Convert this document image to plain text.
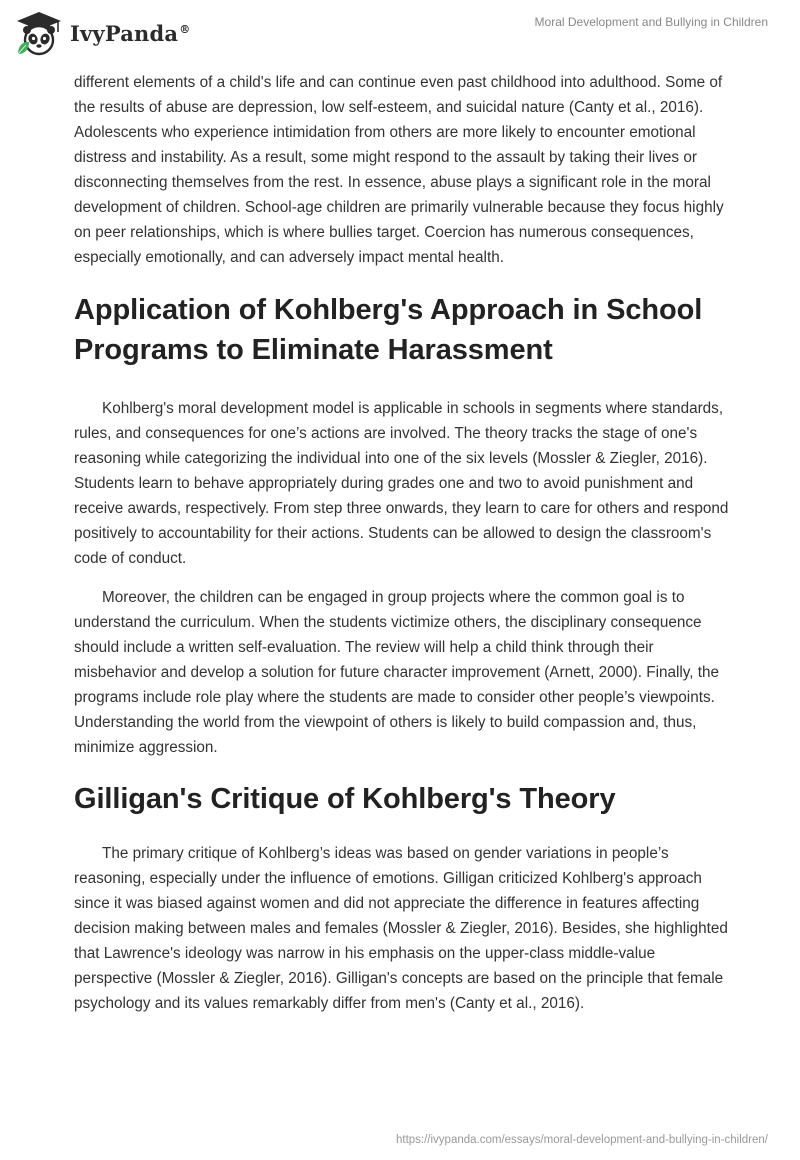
IvyPanda®	Moral Development and Bullying in Children

different elements of a child's life and can continue even past childhood into adulthood. Some of the results of abuse are depression, low self-esteem, and suicidal nature (Canty et al., 2016). Adolescents who experience intimidation from others are more likely to encounter emotional distress and instability. As a result, some might respond to the assault by taking their lives or disconnecting themselves from the rest. In essence, abuse plays a significant role in the moral development of children. School-age children are primarily vulnerable because they focus highly on peer relationships, which is where bullies target. Coercion has numerous consequences, especially emotionally, and can adversely impact mental health.

Application of Kohlberg's Approach in School Programs to Eliminate Harassment

Kohlberg's moral development model is applicable in schools in segments where standards, rules, and consequences for one’s actions are involved. The theory tracks the stage of one's reasoning while categorizing the individual into one of the six levels (Mossler & Ziegler, 2016). Students learn to behave appropriately during grades one and two to avoid punishment and receive awards, respectively. From step three onwards, they learn to care for others and respond positively to accountability for their actions. Students can be allowed to design the classroom's code of conduct.

Moreover, the children can be engaged in group projects where the common goal is to understand the curriculum. When the students victimize others, the disciplinary consequence should include a written self-evaluation. The review will help a child think through their misbehavior and develop a solution for future character improvement (Arnett, 2000). Finally, the programs include role play where the students are made to consider other people’s viewpoints. Understanding the world from the viewpoint of others is likely to build compassion and, thus, minimize aggression.

Gilligan's Critique of Kohlberg's Theory

The primary critique of Kohlberg’s ideas was based on gender variations in people’s reasoning, especially under the influence of emotions. Gilligan criticized Kohlberg's approach since it was biased against women and did not appreciate the difference in features affecting decision making between males and females (Mossler & Ziegler, 2016). Besides, she highlighted that Lawrence's ideology was narrow in his emphasis on the upper-class middle-value perspective (Mossler & Ziegler, 2016). Gilligan's concepts are based on the principle that female psychology and its values remarkably differ from men's (Canty et al., 2016).

https://ivypanda.com/essays/moral-development-and-bullying-in-children/
